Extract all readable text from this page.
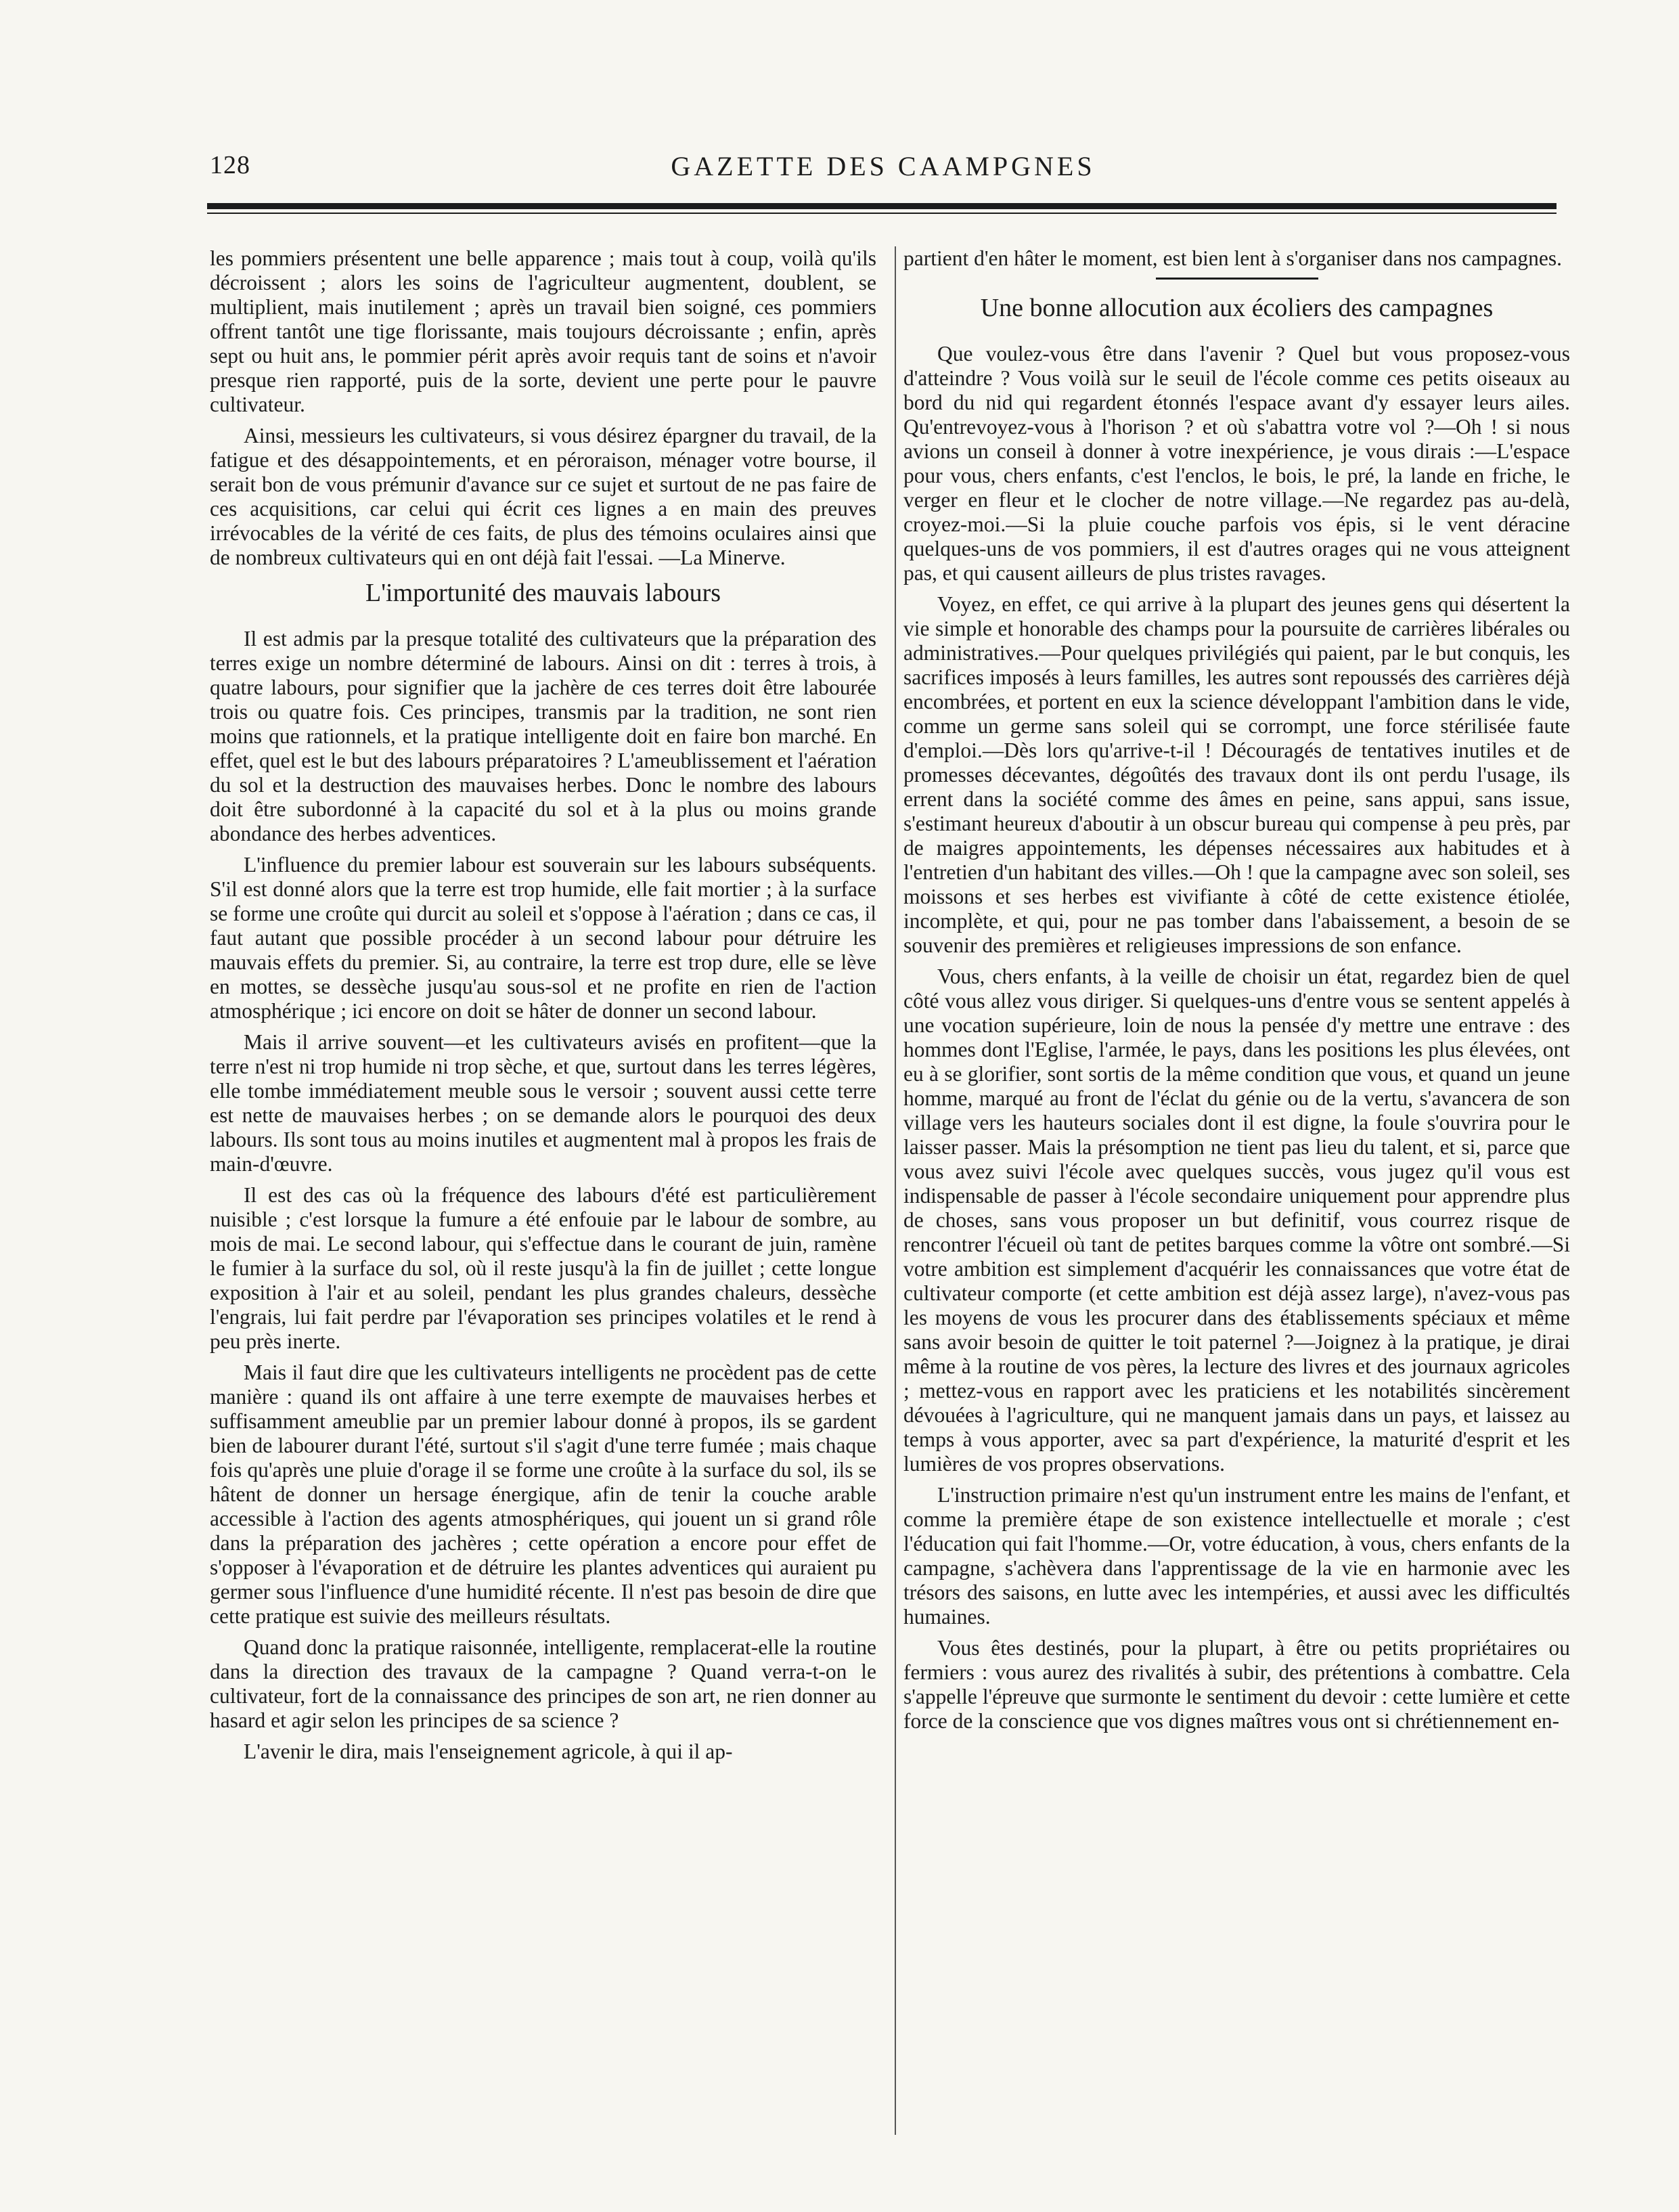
128	GAZETTE DES CAAMPGNES

les pommiers présentent une belle apparence ; mais tout à coup, voilà qu'ils décroissent ; alors les soins de l'agriculteur augmentent, doublent, se multiplient, mais inutilement ; après un travail bien soigné, ces pommiers offrent tantôt une tige florissante, mais toujours décroissante ; enfin, après sept ou huit ans, le pommier périt après avoir requis tant de soins et n'avoir presque rien rapporté, puis de la sorte, devient une perte pour le pauvre cultivateur.

Ainsi, messieurs les cultivateurs, si vous désirez épargner du travail, de la fatigue et des désappointements, et en péroraison, ménager votre bourse, il serait bon de vous prémunir d'avance sur ce sujet et surtout de ne pas faire de ces acquisitions, car celui qui écrit ces lignes a en main des preuves irrévocables de la vérité de ces faits, de plus des témoins oculaires ainsi que de nombreux cultivateurs qui en ont déjà fait l'essai. —La Minerve.

L'importunité des mauvais labours

Il est admis par la presque totalité des cultivateurs que la préparation des terres exige un nombre déterminé de labours. Ainsi on dit : terres à trois, à quatre labours, pour signifier que la jachère de ces terres doit être labourée trois ou quatre fois. Ces principes, transmis par la tradition, ne sont rien moins que rationnels, et la pratique intelligente doit en faire bon marché. En effet, quel est le but des labours préparatoires ? L'ameublissement et l'aération du sol et la destruction des mauvaises herbes. Donc le nombre des labours doit être subordonné à la capacité du sol et à la plus ou moins grande abondance des herbes adventices.

L'influence du premier labour est souverain sur les labours subséquents. S'il est donné alors que la terre est trop humide, elle fait mortier ; à la surface se forme une croûte qui durcit au soleil et s'oppose à l'aération ; dans ce cas, il faut autant que possible procéder à un second labour pour détruire les mauvais effets du premier. Si, au contraire, la terre est trop dure, elle se lève en mottes, se dessèche jusqu'au sous-sol et ne profite en rien de l'action atmosphérique ; ici encore on doit se hâter de donner un second labour.

Mais il arrive souvent—et les cultivateurs avisés en profitent—que la terre n'est ni trop humide ni trop sèche, et que, surtout dans les terres légères, elle tombe immédiatement meuble sous le versoir ; souvent aussi cette terre est nette de mauvaises herbes ; on se demande alors le pourquoi des deux labours. Ils sont tous au moins inutiles et augmentent mal à propos les frais de main-d'œuvre.

Il est des cas où la fréquence des labours d'été est particulièrement nuisible ; c'est lorsque la fumure a été enfouie par le labour de sombre, au mois de mai. Le second labour, qui s'effectue dans le courant de juin, ramène le fumier à la surface du sol, où il reste jusqu'à la fin de juillet ; cette longue exposition à l'air et au soleil, pendant les plus grandes chaleurs, dessèche l'engrais, lui fait perdre par l'évaporation ses principes volatiles et le rend à peu près inerte.

Mais il faut dire que les cultivateurs intelligents ne procèdent pas de cette manière : quand ils ont affaire à une terre exempte de mauvaises herbes et suffisamment ameublie par un premier labour donné à propos, ils se gardent bien de labourer durant l'été, surtout s'il s'agit d'une terre fumée ; mais chaque fois qu'après une pluie d'orage il se forme une croûte à la surface du sol, ils se hâtent de donner un hersage énergique, afin de tenir la couche arable accessible à l'action des agents atmosphériques, qui jouent un si grand rôle dans la préparation des jachères ; cette opération a encore pour effet de s'opposer à l'évaporation et de détruire les plantes adventices qui auraient pu germer sous l'influence d'une humidité récente. Il n'est pas besoin de dire que cette pratique est suivie des meilleurs résultats.

Quand donc la pratique raisonnée, intelligente, remplacerat-elle la routine dans la direction des travaux de la campagne ? Quand verra-t-on le cultivateur, fort de la connaissance des principes de son art, ne rien donner au hasard et agir selon les principes de sa science ?

L'avenir le dira, mais l'enseignement agricole, à qui il ap-

partient d'en hâter le moment, est bien lent à s'organiser dans nos campagnes.

Une bonne allocution aux écoliers des campagnes

Que voulez-vous être dans l'avenir ? Quel but vous proposez-vous d'atteindre ? Vous voilà sur le seuil de l'école comme ces petits oiseaux au bord du nid qui regardent étonnés l'espace avant d'y essayer leurs ailes. Qu'entrevoyez-vous à l'horison ? et où s'abattra votre vol ?—Oh ! si nous avions un conseil à donner à votre inexpérience, je vous dirais :—L'espace pour vous, chers enfants, c'est l'enclos, le bois, le pré, la lande en friche, le verger en fleur et le clocher de notre village.—Ne regardez pas au-delà, croyez-moi.—Si la pluie couche parfois vos épis, si le vent déracine quelques-uns de vos pommiers, il est d'autres orages qui ne vous atteignent pas, et qui causent ailleurs de plus tristes ravages.

Voyez, en effet, ce qui arrive à la plupart des jeunes gens qui désertent la vie simple et honorable des champs pour la poursuite de carrières libérales ou administratives.—Pour quelques privilégiés qui paient, par le but conquis, les sacrifices imposés à leurs familles, les autres sont repoussés des carrières déjà encombrées, et portent en eux la science développant l'ambition dans le vide, comme un germe sans soleil qui se corrompt, une force stérilisée faute d'emploi.—Dès lors qu'arrive-t-il ! Découragés de tentatives inutiles et de promesses décevantes, dégoûtés des travaux dont ils ont perdu l'usage, ils errent dans la société comme des âmes en peine, sans appui, sans issue, s'estimant heureux d'aboutir à un obscur bureau qui compense à peu près, par de maigres appointements, les dépenses nécessaires aux habitudes et à l'entretien d'un habitant des villes.—Oh ! que la campagne avec son soleil, ses moissons et ses herbes est vivifiante à côté de cette existence étiolée, incomplète, et qui, pour ne pas tomber dans l'abaissement, a besoin de se souvenir des premières et religieuses impressions de son enfance.

Vous, chers enfants, à la veille de choisir un état, regardez bien de quel côté vous allez vous diriger. Si quelques-uns d'entre vous se sentent appelés à une vocation supérieure, loin de nous la pensée d'y mettre une entrave : des hommes dont l'Eglise, l'armée, le pays, dans les positions les plus élevées, ont eu à se glorifier, sont sortis de la même condition que vous, et quand un jeune homme, marqué au front de l'éclat du génie ou de la vertu, s'avancera de son village vers les hauteurs sociales dont il est digne, la foule s'ouvrira pour le laisser passer. Mais la présomption ne tient pas lieu du talent, et si, parce que vous avez suivi l'école avec quelques succès, vous jugez qu'il vous est indispensable de passer à l'école secondaire uniquement pour apprendre plus de choses, sans vous proposer un but definitif, vous courrez risque de rencontrer l'écueil où tant de petites barques comme la vôtre ont sombré.—Si votre ambition est simplement d'acquérir les connaissances que votre état de cultivateur comporte (et cette ambition est déjà assez large), n'avez-vous pas les moyens de vous les procurer dans des établissements spéciaux et même sans avoir besoin de quitter le toit paternel ?—Joignez à la pratique, je dirai même à la routine de vos pères, la lecture des livres et des journaux agricoles ; mettez-vous en rapport avec les praticiens et les notabilités sincèrement dévouées à l'agriculture, qui ne manquent jamais dans un pays, et laissez au temps à vous apporter, avec sa part d'expérience, la maturité d'esprit et les lumières de vos propres observations.

L'instruction primaire n'est qu'un instrument entre les mains de l'enfant, et comme la première étape de son existence intellectuelle et morale ; c'est l'éducation qui fait l'homme.—Or, votre éducation, à vous, chers enfants de la campagne, s'achèvera dans l'apprentissage de la vie en harmonie avec les trésors des saisons, en lutte avec les intempéries, et aussi avec les difficultés humaines.

Vous êtes destinés, pour la plupart, à être ou petits propriétaires ou fermiers : vous aurez des rivalités à subir, des prétentions à combattre. Cela s'appelle l'épreuve que surmonte le sentiment du devoir : cette lumière et cette force de la conscience que vos dignes maîtres vous ont si chrétiennement en-
